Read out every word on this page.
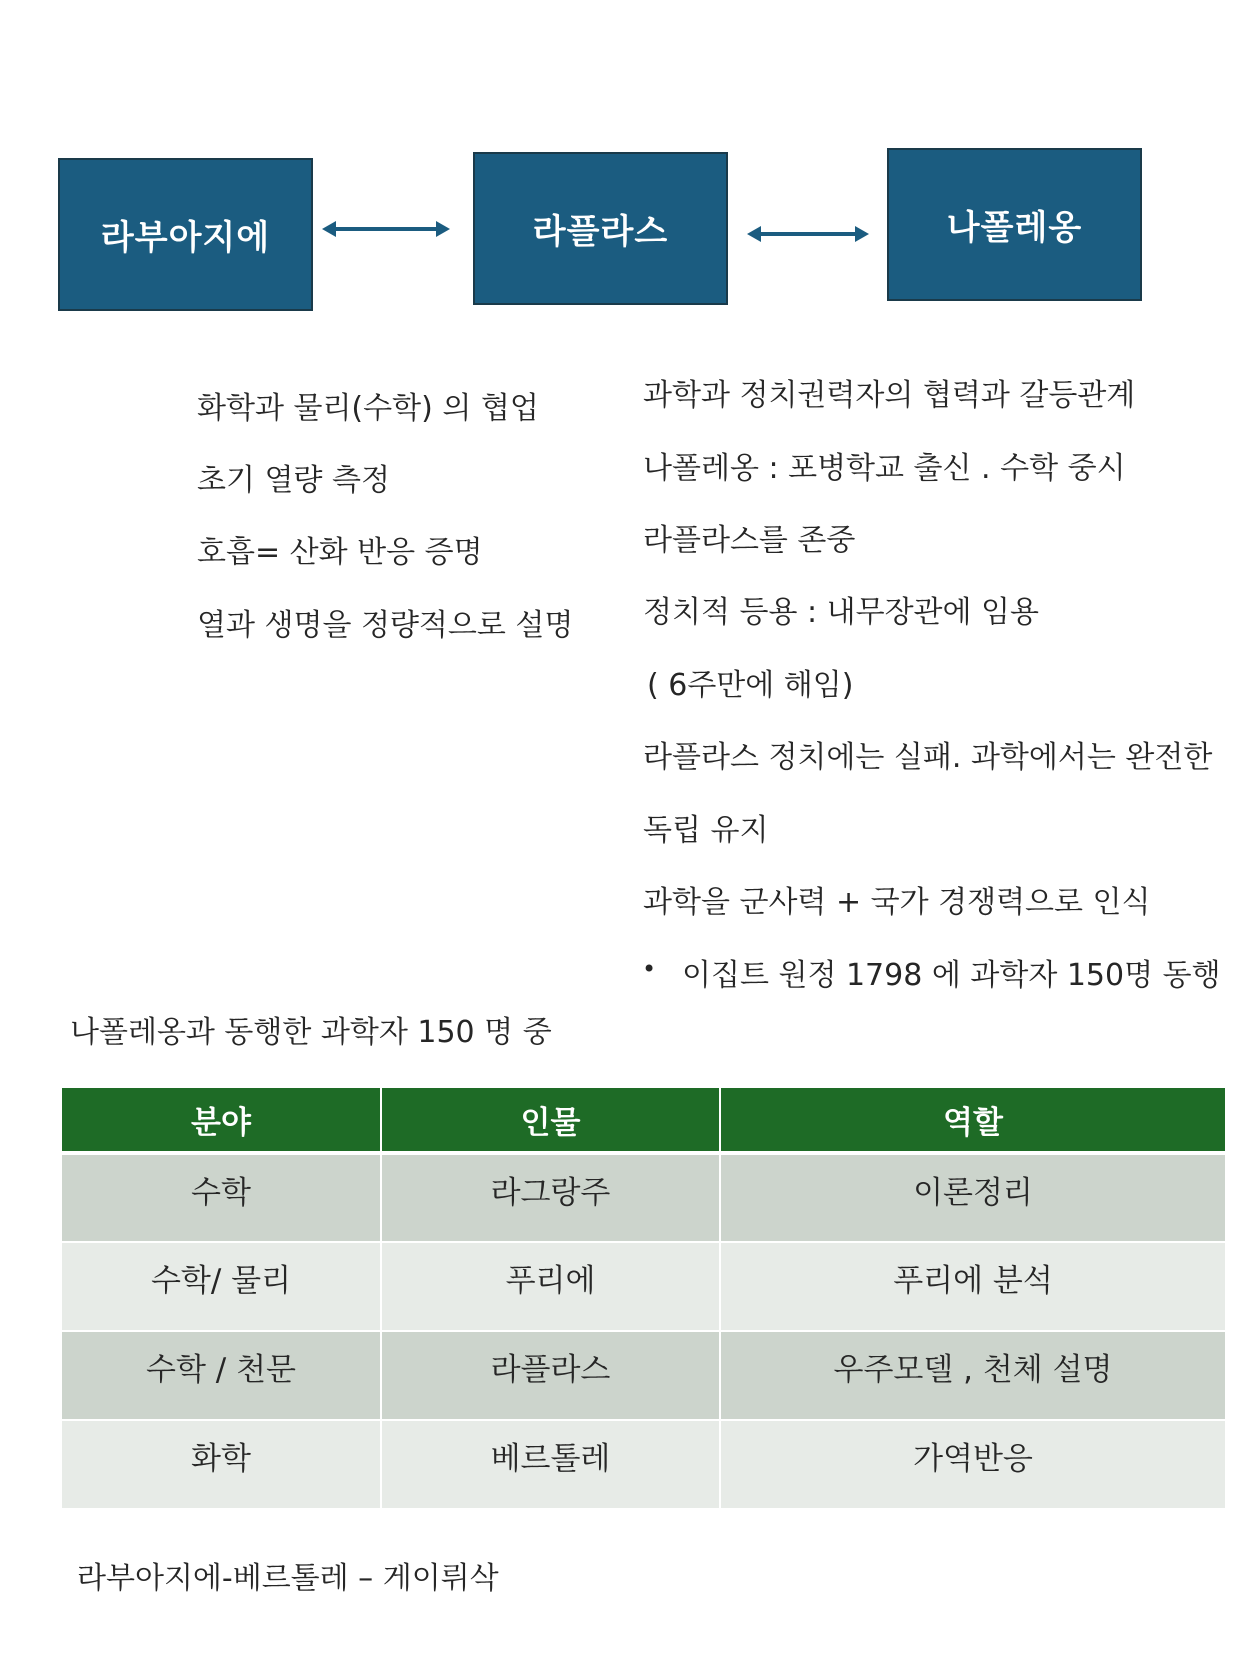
라부아지에	라플라스	나폴레옹
화학과 물리(수학) 의 협업
초기 열량 측정
호흡= 산화 반응 증명
열과 생명을 정량적으로 설명
과학과 정치권력자의 협력과 갈등관계
나폴레옹 : 포병학교 출신 . 수학 중시
라플라스를 존중
정치적 등용 : 내무장관에 임용
( 6주만에 해임)
라플라스 정치에는 실패. 과학에서는 완전한
독립 유지
과학을 군사력 + 국가 경쟁력으로 인식
• 이집트 원정 1798 에 과학자 150명 동행
나폴레옹과 동행한 과학자 150 명 중
분야	인물	역할
수학	라그랑주	이론정리
수학/ 물리	푸리에	푸리에 분석
수학 / 천문	라플라스	우주모델 , 천체 설명
화학	베르톨레	가역반응
라부아지에-베르톨레 – 게이뤼삭
